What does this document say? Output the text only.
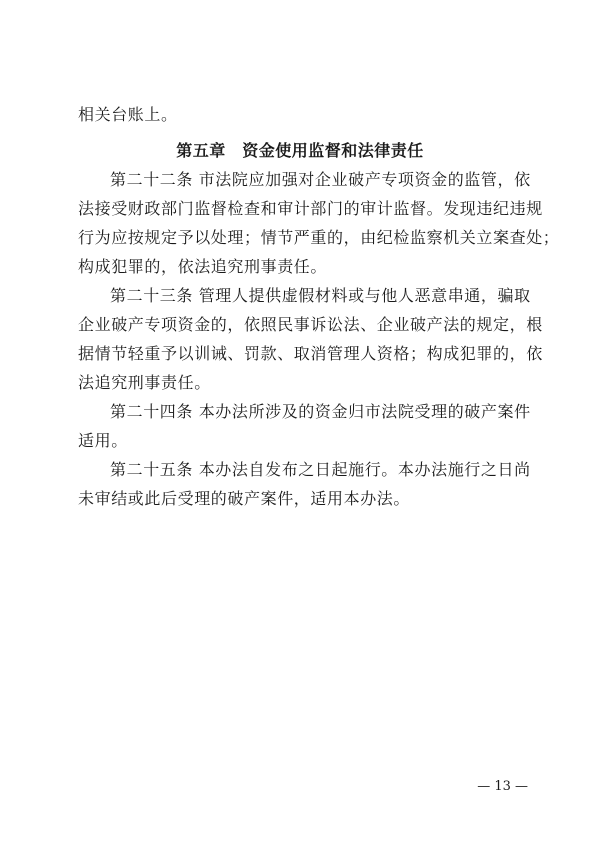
相关台账上。
第五章　资金使用监督和法律责任
第二十二条 市法院应加强对企业破产专项资金的监管，依
法接受财政部门监督检查和审计部门的审计监督。发现违纪违规
行为应按规定予以处理；情节严重的，由纪检监察机关立案查处；
构成犯罪的，依法追究刑事责任。
第二十三条 管理人提供虚假材料或与他人恶意串通，骗取
企业破产专项资金的，依照民事诉讼法、企业破产法的规定，根
据情节轻重予以训诫、罚款、取消管理人资格；构成犯罪的，依
法追究刑事责任。
第二十四条 本办法所涉及的资金归市法院受理的破产案件
适用。
第二十五条 本办法自发布之日起施行。本办法施行之日尚
未审结或此后受理的破产案件，适用本办法。
— 13 —
